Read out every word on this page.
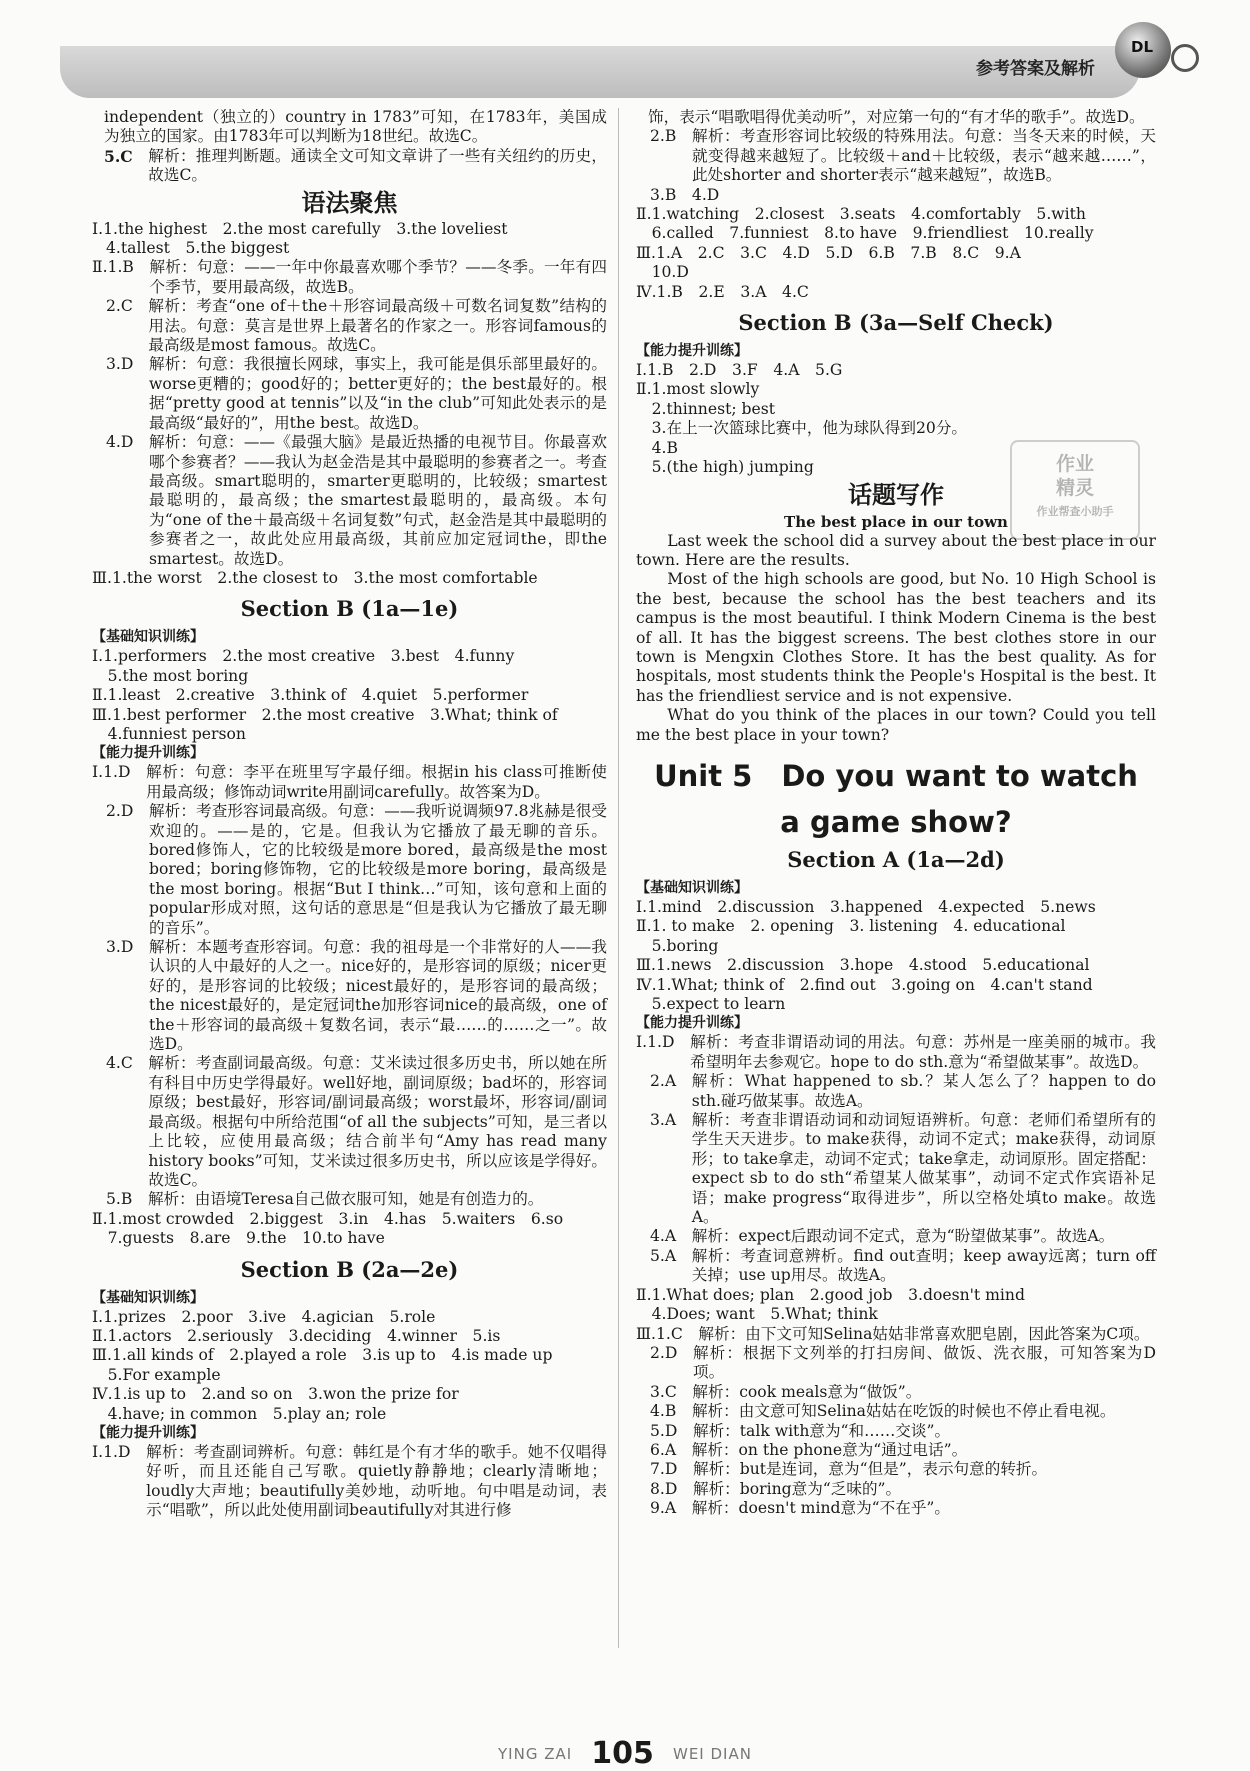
参考答案及解析
DL
作业
精灵
作业帮查小助手
independent（独立的）country in 1783”可知，在1783年，美国成为独立的国家。由1783年可以判断为18世纪。故选C。
5.C　 解析：推理判断题。通读全文可知文章讲了一些有关纽约的历史，故选C。
语法聚焦
Ⅰ.1.the highest　2.the most carefully　3.the loveliest
4.tallest　5.the biggest
Ⅱ.1.B　 解析：句意：——一年中你最喜欢哪个季节？——冬季。一年有四个季节，要用最高级，故选B。
2.C　 解析：考查“one of＋the＋形容词最高级＋可数名词复数”结构的用法。句意：莫言是世界上最著名的作家之一。形容词famous的最高级是most famous。故选C。
3.D　 解析：句意：我很擅长网球，事实上，我可能是俱乐部里最好的。worse更糟的；good好的；better更好的；the best最好的。根据“pretty good at tennis”以及“in the club”可知此处表示的是最高级“最好的”，用the best。故选D。
4.D　 解析：句意：——《最强大脑》是最近热播的电视节目。你最喜欢哪个参赛者？——我认为赵金浩是其中最聪明的参赛者之一。考查最高级。smart聪明的，smarter更聪明的，比较级；smartest最聪明的，最高级；the smartest最聪明的，最高级。本句为“one of the＋最高级＋名词复数”句式，赵金浩是其中最聪明的参赛者之一，故此处应用最高级，其前应加定冠词the，即the smartest。故选D。
Ⅲ.1.the worst　2.the closest to　3.the most comfortable
Section B (1a—1e)
【基础知识训练】
Ⅰ.1.performers　2.the most creative　3.best　4.funny
　5.the most boring
Ⅱ.1.least　2.creative　3.think of　4.quiet　5.performer
Ⅲ.1.best performer　2.the most creative　3.What; think of
　4.funniest person
【能力提升训练】
Ⅰ.1.D　 解析：句意：李平在班里写字最仔细。根据in his class可推断使用最高级；修饰动词write用副词carefully。故答案为D。
2.D　 解析：考查形容词最高级。句意：——我听说调频97.8兆赫是很受欢迎的。——是的，它是。但我认为它播放了最无聊的音乐。bored修饰人，它的比较级是more bored，最高级是the most bored；boring修饰物，它的比较级是more boring，最高级是the most boring。根据“But I think…”可知，该句意和上面的popular形成对照，这句话的意思是“但是我认为它播放了最无聊的音乐”。
3.D　 解析：本题考查形容词。句意：我的祖母是一个非常好的人——我认识的人中最好的人之一。nice好的，是形容词的原级；nicer更好的，是形容词的比较级；nicest最好的，是形容词的最高级；the nicest最好的，是定冠词the加形容词nice的最高级，one of the＋形容词的最高级＋复数名词，表示“最……的……之一”。故选D。
4.C　 解析：考查副词最高级。句意：艾米读过很多历史书，所以她在所有科目中历史学得最好。well好地，副词原级；bad坏的，形容词原级；best最好，形容词/副词最高级；worst最坏，形容词/副词最高级。根据句中所给范围“of all the subjects”可知，是三者以上比较，应使用最高级；结合前半句“Amy has read many history books”可知，艾米读过很多历史书，所以应该是学得好。故选C。
5.B　 解析：由语境Teresa自己做衣服可知，她是有创造力的。
Ⅱ.1.most crowded　2.biggest　3.in　4.has　5.waiters　6.so
　7.guests　8.are　9.the　10.to have
Section B (2a—2e)
【基础知识训练】
Ⅰ.1.prizes　2.poor　3.ive　4.agician　5.role
Ⅱ.1.actors　2.seriously　3.deciding　4.winner　5.is
Ⅲ.1.all kinds of　2.played a role　3.is up to　4.is made up
　5.For example
Ⅳ.1.is up to　2.and so on　3.won the prize for
　4.have; in common　5.play an; role
【能力提升训练】
Ⅰ.1.D　 解析：考查副词辨析。句意：韩红是个有才华的歌手。她不仅唱得好听，而且还能自己写歌。quietly静静地；clearly清晰地；loudly大声地；beautifully美妙地，动听地。句中唱是动词，表示“唱歌”，所以此处使用副词beautifully对其进行修
饰，表示“唱歌唱得优美动听”，对应第一句的“有才华的歌手”。故选D。
2.B　 解析：考查形容词比较级的特殊用法。句意：当冬天来的时候，天就变得越来越短了。比较级＋and＋比较级，表示“越来越……”，此处shorter and shorter表示“越来越短”，故选B。
3.B　4.D
Ⅱ.1.watching　2.closest　3.seats　4.comfortably　5.with
　6.called　7.funniest　8.to have　9.friendliest　10.really
Ⅲ.1.A　2.C　3.C　4.D　5.D　6.B　7.B　8.C　9.A
　10.D
Ⅳ.1.B　2.E　3.A　4.C
Section B (3a—Self Check)
【能力提升训练】
Ⅰ.1.B　2.D　3.F　4.A　5.G
Ⅱ.1.most slowly
　2.thinnest; best
　3.在上一次篮球比赛中，他为球队得到20分。
　4.B
　5.(the high) jumping
话题写作
The best place in our town
Last week the school did a survey about the best place in our town. Here are the results.
Most of the high schools are good, but No. 10 High School is the best, because the school has the best teachers and its campus is the most beautiful. I think Modern Cinema is the best of all. It has the biggest screens. The best clothes store in our town is Mengxin Clothes Store. It has the best quality. As for hospitals, most students think the People's Hospital is the best. It has the friendliest service and is not expensive.
What do you think of the places in our town? Could you tell me the best place in your town?
Unit 5　Do you want to watch
a game show?
Section A (1a—2d)
【基础知识训练】
Ⅰ.1.mind　2.discussion　3.happened　4.expected　5.news
Ⅱ.1. to make　2. opening　3. listening　4. educational
　5.boring
Ⅲ.1.news　2.discussion　3.hope　4.stood　5.educational
Ⅳ.1.What; think of　2.find out　3.going on　4.can't stand
　5.expect to learn
【能力提升训练】
Ⅰ.1.D　 解析：考查非谓语动词的用法。句意：苏州是一座美丽的城市。我希望明年去参观它。hope to do sth.意为“希望做某事”。故选D。
2.A　 解析：What happened to sb.？某人怎么了？happen to do sth.碰巧做某事。故选A。
3.A　 解析：考查非谓语动词和动词短语辨析。句意：老师们希望所有的学生天天进步。to make获得，动词不定式；make获得，动词原形；to take拿走，动词不定式；take拿走，动词原形。固定搭配：expect sb to do sth“希望某人做某事”，动词不定式作宾语补足语；make progress“取得进步”，所以空格处填to make。故选A。
4.A　 解析：expect后跟动词不定式，意为“盼望做某事”。故选A。
5.A　 解析：考查词意辨析。find out查明；keep away远离；turn off关掉；use up用尽。故选A。
Ⅱ.1.What does; plan　2.good job　3.doesn't mind
　4.Does; want　5.What; think
Ⅲ.1.C　 解析：由下文可知Selina姑姑非常喜欢肥皂剧，因此答案为C项。
2.D　 解析：根据下文列举的打扫房间、做饭、洗衣服，可知答案为D项。
3.C　 解析：cook meals意为“做饭”。
4.B　 解析：由文意可知Selina姑姑在吃饭的时候也不停止看电视。
5.D　 解析：talk with意为“和……交谈”。
6.A　 解析：on the phone意为“通过电话”。
7.D　 解析：but是连词，意为“但是”，表示句意的转折。
8.D　 解析：boring意为“乏味的”。
9.A　 解析：doesn't mind意为“不在乎”。
YING ZAI 105 WEI DIAN
